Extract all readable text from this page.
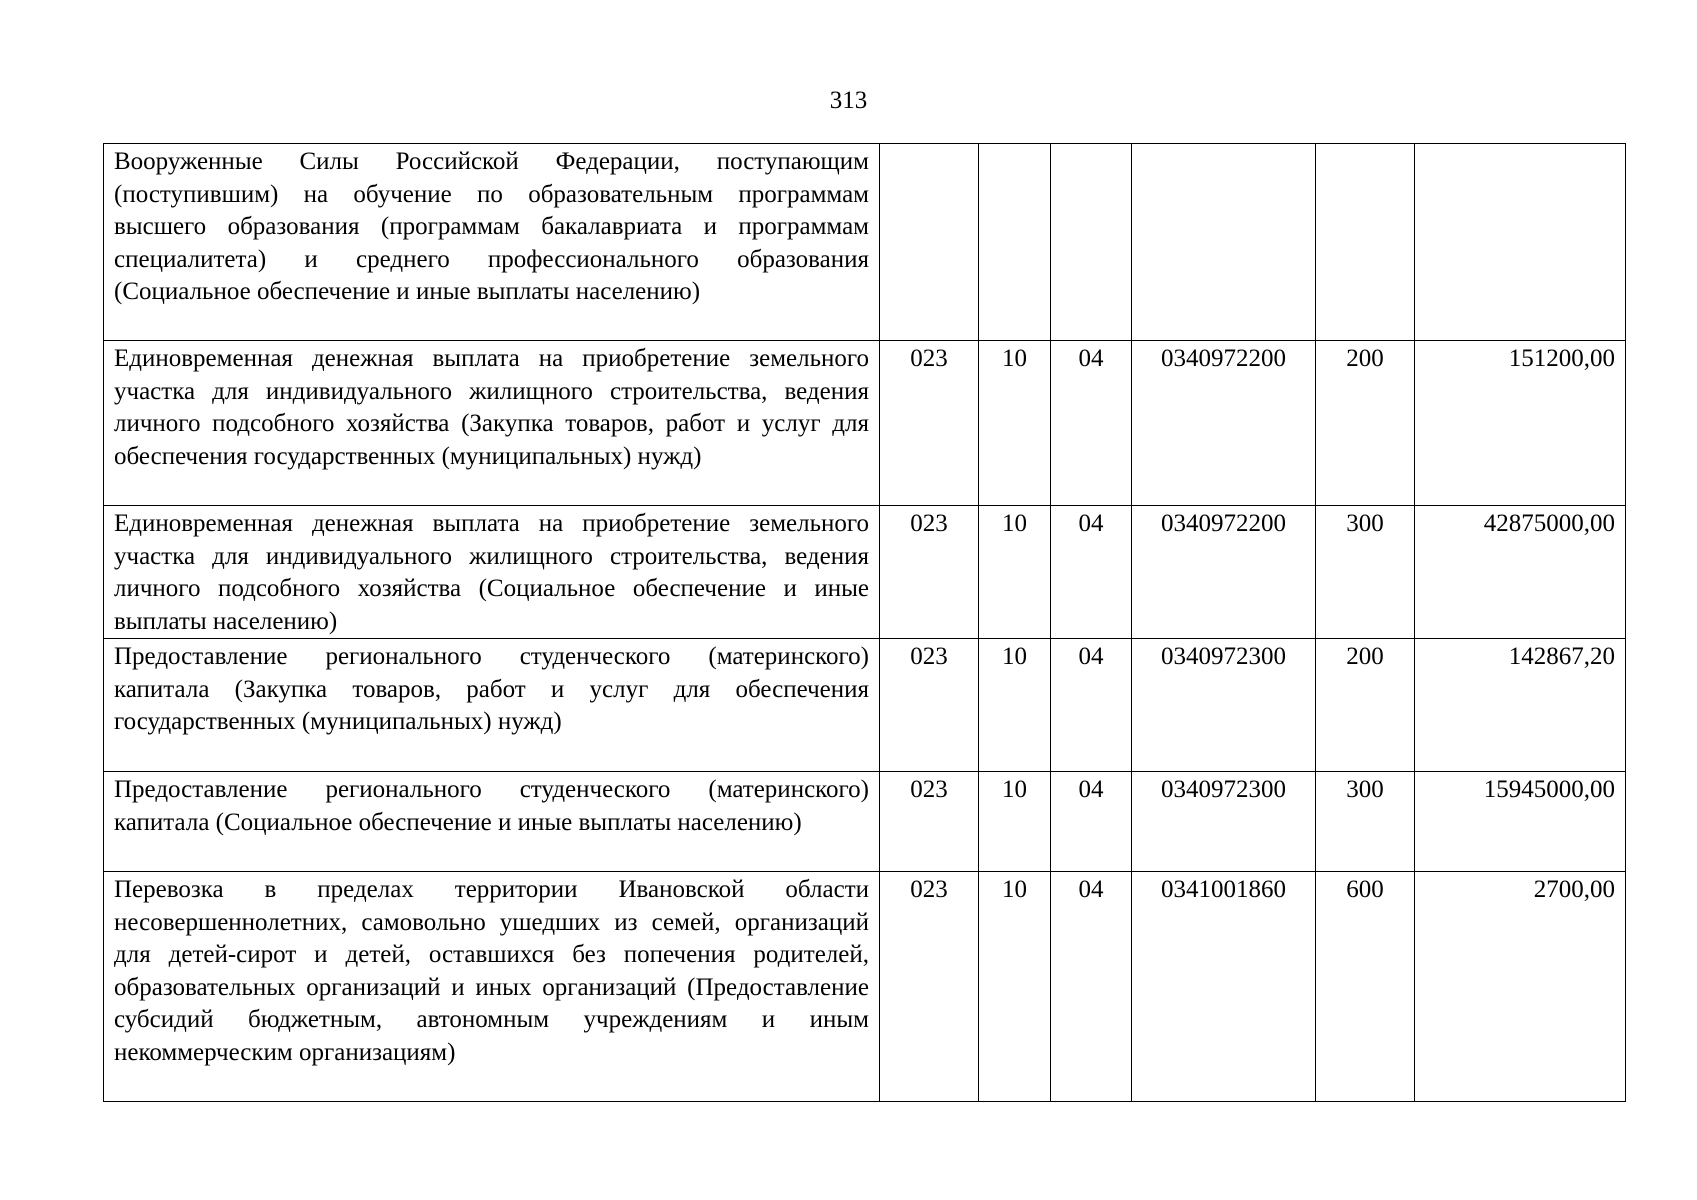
313
Вооруженные Силы Российской Федерации, поступающим (поступившим) на обучение по образовательным программам высшего образования (программам бакалавриата и программам специалитета) и среднего профессионального образования (Социальное обеспечение и иные выплаты населению)						
Единовременная денежная выплата на приобретение земельного участка для индивидуального жилищного строительства, ведения личного подсобного хозяйства (Закупка товаров, работ и услуг для обеспечения государственных (муниципальных) нужд)	023	10	04	0340972200	200	151200,00
Единовременная денежная выплата на приобретение земельного участка для индивидуального жилищного строительства, ведения личного подсобного хозяйства (Социальное обеспечение и иные выплаты населению)	023	10	04	0340972200	300	42875000,00
Предоставление регионального студенческого (материнского) капитала (Закупка товаров, работ и услуг для обеспечения государственных (муниципальных) нужд)	023	10	04	0340972300	200	142867,20
Предоставление регионального студенческого (материнского) капитала (Социальное обеспечение и иные выплаты населению)	023	10	04	0340972300	300	15945000,00
Перевозка в пределах территории Ивановской области несовершеннолетних, самовольно ушедших из семей, организаций для детей-сирот и детей, оставшихся без попечения родителей, образовательных организаций и иных организаций (Предоставление субсидий бюджетным, автономным учреждениям и иным некоммерческим организациям)	023	10	04	0341001860	600	2700,00
